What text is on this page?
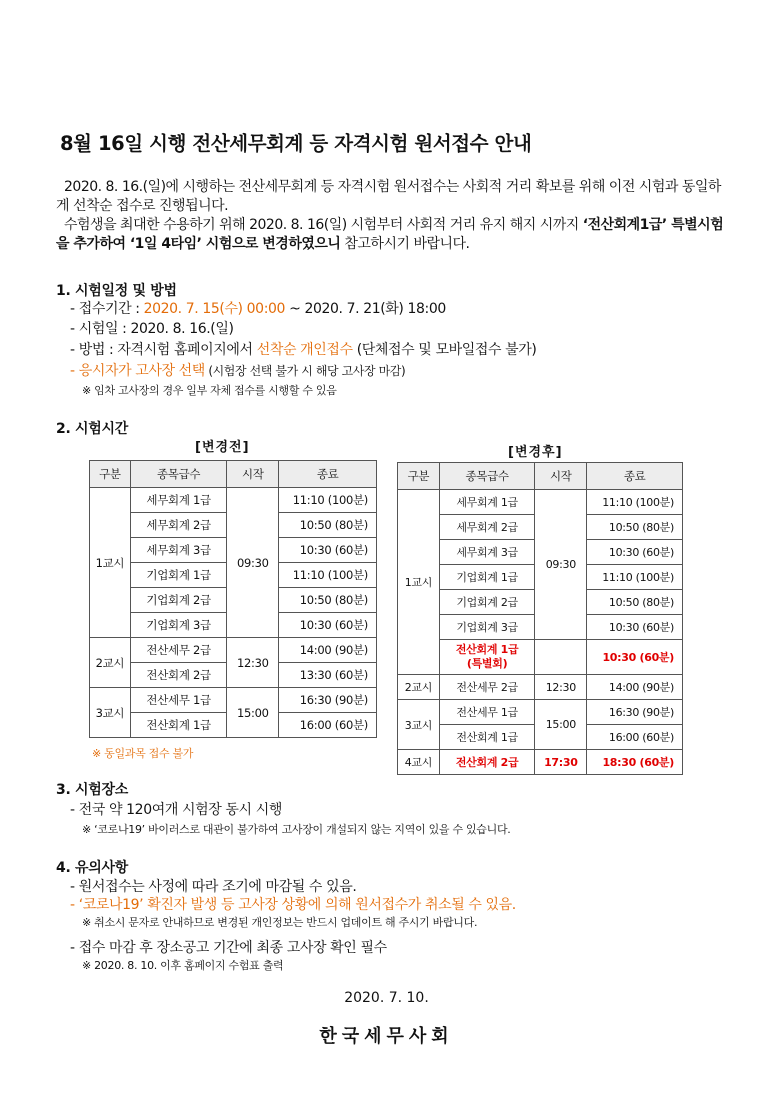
8월 16일 시행 전산세무회계 등 자격시험 원서접수 안내

2020. 8. 16.(일)에 시행하는 전산세무회계 등 자격시험 원서접수는 사회적 거리 확보를 위해 이전 시험과 동일하게 선착순 접수로 진행됩니다.

수험생을 최대한 수용하기 위해 2020. 8. 16(일) 시험부터 사회적 거리 유지 해지 시까지 ‘전산회계1급’ 특별시험을 추가하여 ‘1일 4타임’ 시험으로 변경하였으니 참고하시기 바랍니다.

1. 시험일정 및 방법
- 접수기간 : 2020. 7. 15(수) 00:00 ~ 2020. 7. 21(화) 18:00
- 시험일 : 2020. 8. 16.(일)
- 방법 : 자격시험 홈페이지에서 선착순 개인접수 (단체접수 및 모바일접수 불가)
- 응시자가 고사장 선택 (시험장 선택 불가 시 해당 고사장 마감)
※ 임차 고사장의 경우 일부 자체 접수를 시행할 수 있음
2. 시험시간
[변경전]	[변경후]
구분	종목급수	시작	종료
1교시	세무회계 1급	09:30	11:10 (100분)
	세무회계 2급		10:50 (80분)
	세무회계 3급		10:30 (60분)
	기업회계 1급		11:10 (100분)
	기업회계 2급		10:50 (80분)
	기업회계 3급		10:30 (60분)
2교시	전산세무 2급	12:30	14:00 (90분)
	전산회계 2급		13:30 (60분)
3교시	전산세무 1급	15:00	16:30 (90분)
	전산회계 1급		16:00 (60분)
구분	종목급수	시작	종료
1교시	세무회계 1급	09:30	11:10 (100분)
	세무회계 2급		10:50 (80분)
	세무회계 3급		10:30 (60분)
	기업회계 1급		11:10 (100분)
	기업회계 2급		10:50 (80분)
	기업회계 3급		10:30 (60분)
	전산회계 1급
(특별회)		10:30 (60분)
2교시	전산세무 2급	12:30	14:00 (90분)
3교시	전산세무 1급	15:00	16:30 (90분)
	전산회계 1급		16:00 (60분)
4교시	전산회계 2급	17:30	18:30 (60분)
※ 동일과목 접수 불가
3. 시험장소
- 전국 약 120여개 시험장 동시 시행
※ ‘코로나19’ 바이러스로 대관이 불가하여 고사장이 개설되지 않는 지역이 있을 수 있습니다.
4. 유의사항
- 원서접수는 사정에 따라 조기에 마감될 수 있음.
- ‘코로나19’ 확진자 발생 등 고사장 상황에 의해 원서접수가 취소될 수 있음.
※ 취소시 문자로 안내하므로 변경된 개인정보는 반드시 업데이트 해 주시기 바랍니다.
- 접수 마감 후 장소공고 기간에 최종 고사장 확인 필수
※ 2020. 8. 10. 이후 홈페이지 수험표 출력
2020. 7. 10.
한국세무사회
